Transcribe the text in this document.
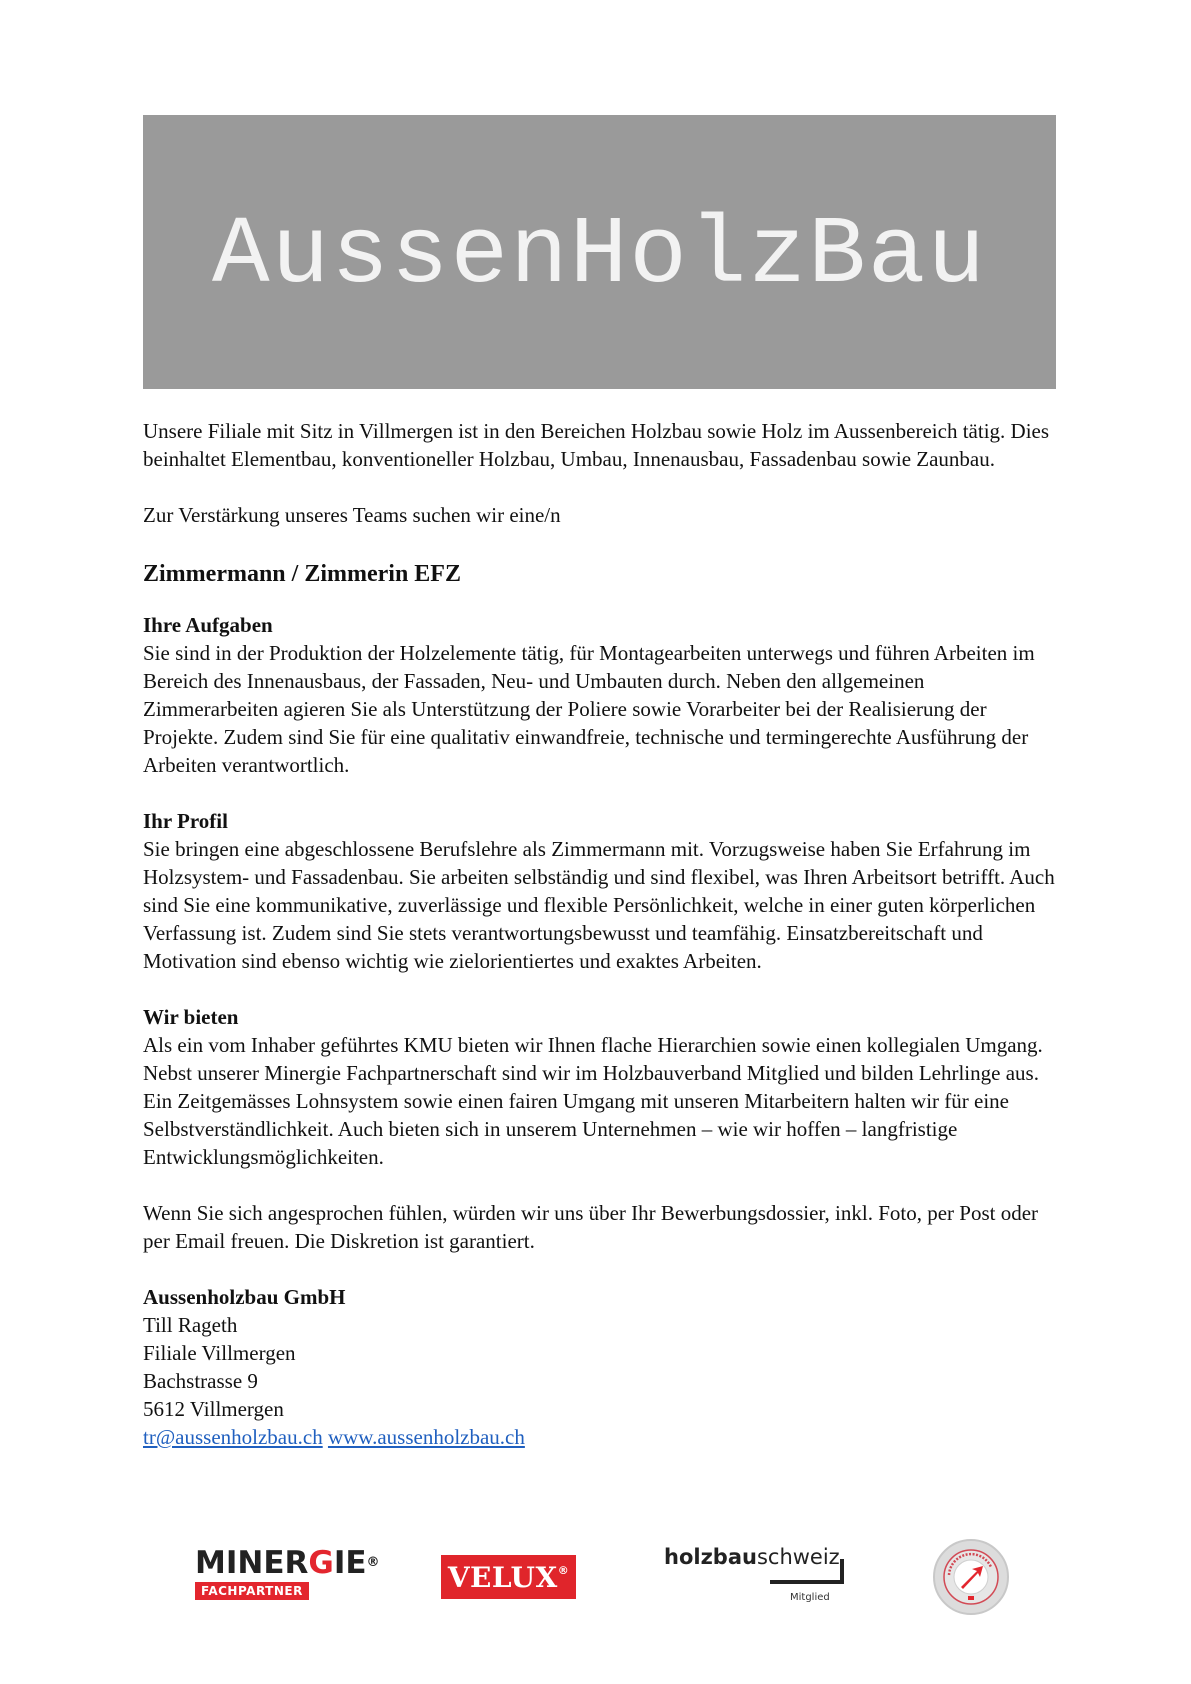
AussenHolzBau

Unsere Filiale mit Sitz in Villmergen ist in den Bereichen Holzbau sowie Holz im Aussenbereich tätig. Dies beinhaltet Elementbau, konventioneller Holzbau, Umbau, Innenausbau, Fassadenbau sowie Zaunbau.

Zur Verstärkung unseres Teams suchen wir eine/n

Zimmermann / Zimmerin EFZ

Ihre Aufgaben

Sie sind in der Produktion der Holzelemente tätig, für Montagearbeiten unterwegs und führen Arbeiten im Bereich des Innenausbaus, der Fassaden, Neu- und Umbauten durch. Neben den allgemeinen Zimmerarbeiten agieren Sie als Unterstützung der Poliere sowie Vorarbeiter bei der Realisierung der Projekte. Zudem sind Sie für eine qualitativ einwandfreie, technische und termingerechte Ausführung der Arbeiten verantwortlich.

Ihr Profil

Sie bringen eine abgeschlossene Berufslehre als Zimmermann mit. Vorzugsweise haben Sie Erfahrung im Holzsystem- und Fassadenbau. Sie arbeiten selbständig und sind flexibel, was Ihren Arbeitsort betrifft. Auch sind Sie eine kommunikative, zuverlässige und flexible Persönlichkeit, welche in einer guten körperlichen Verfassung ist. Zudem sind Sie stets verantwortungsbewusst und teamfähig. Einsatzbereitschaft und Motivation sind ebenso wichtig wie zielorientiertes und exaktes Arbeiten.

Wir bieten

Als ein vom Inhaber geführtes KMU bieten wir Ihnen flache Hierarchien sowie einen kollegialen Umgang. Nebst unserer Minergie Fachpartnerschaft sind wir im Holzbauverband Mitglied und bilden Lehrlinge aus. Ein Zeitgemässes Lohnsystem sowie einen fairen Umgang mit unseren Mitarbeitern halten wir für eine Selbstverständlichkeit. Auch bieten sich in unserem Unternehmen – wie wir hoffen – langfristige Entwicklungsmöglichkeiten.

Wenn Sie sich angesprochen fühlen, würden wir uns über Ihr Bewerbungsdossier, inkl. Foto, per Post oder per Email freuen. Die Diskretion ist garantiert.

Aussenholzbau GmbH

Till Rageth

Filiale Villmergen

Bachstrasse 9

5612 Villmergen

tr@aussenholzbau.ch www.aussenholzbau.ch

MINERGIE®
FACHPARTNER	VELUX ®
holzbauschweiz
Mitglied
